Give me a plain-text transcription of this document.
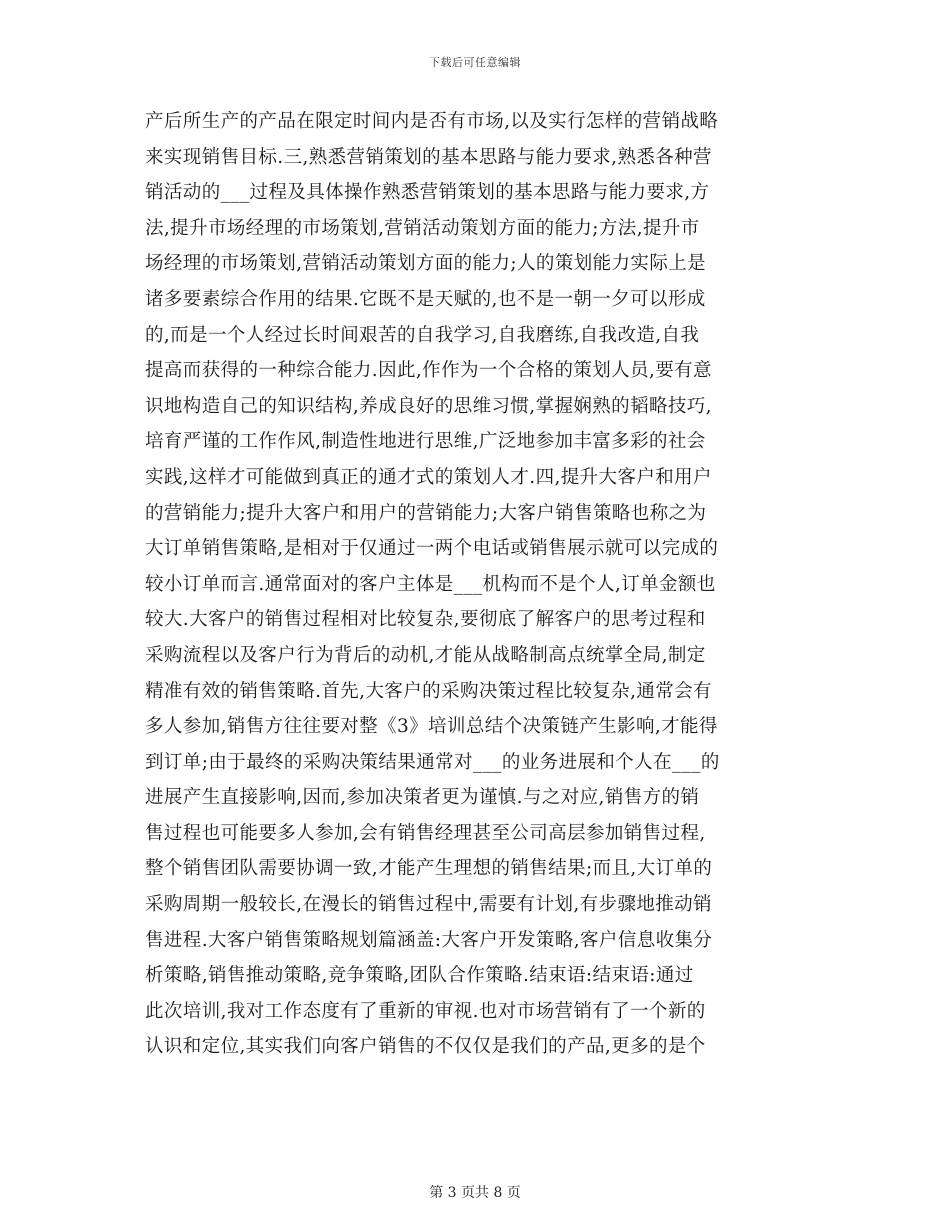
下载后可任意编辑
产后所生产的产品在限定时间内是否有市场,以及实行怎样的营销战略
来实现销售目标.三,熟悉营销策划的基本思路与能力要求,熟悉各种营
销活动的___过程及具体操作熟悉营销策划的基本思路与能力要求,方
法,提升市场经理的市场策划,营销活动策划方面的能力;方法,提升市
场经理的市场策划,营销活动策划方面的能力;人的策划能力实际上是
诸多要素综合作用的结果.它既不是天赋的,也不是一朝一夕可以形成
的,而是一个人经过长时间艰苦的自我学习,自我磨练,自我改造,自我
提高而获得的一种综合能力.因此,作作为一个合格的策划人员,要有意
识地构造自己的知识结构,养成良好的思维习惯,掌握娴熟的韬略技巧,
培育严谨的工作作风,制造性地进行思维,广泛地参加丰富多彩的社会
实践,这样才可能做到真正的通才式的策划人才.四,提升大客户和用户
的营销能力;提升大客户和用户的营销能力;大客户销售策略也称之为
大订单销售策略,是相对于仅通过一两个电话或销售展示就可以完成的
较小订单而言.通常面对的客户主体是___机构而不是个人,订单金额也
较大.大客户的销售过程相对比较复杂,要彻底了解客户的思考过程和
采购流程以及客户行为背后的动机,才能从战略制高点统掌全局,制定
精准有效的销售策略.首先,大客户的采购决策过程比较复杂,通常会有
多人参加,销售方往往要对整《3》培训总结个决策链产生影响,才能得
到订单;由于最终的采购决策结果通常对___的业务进展和个人在___的
进展产生直接影响,因而,参加决策者更为谨慎.与之对应,销售方的销
售过程也可能要多人参加,会有销售经理甚至公司高层参加销售过程,
整个销售团队需要协调一致,才能产生理想的销售结果;而且,大订单的
采购周期一般较长,在漫长的销售过程中,需要有计划,有步骤地推动销
售进程.大客户销售策略规划篇涵盖:大客户开发策略,客户信息收集分
析策略,销售推动策略,竞争策略,团队合作策略.结束语:结束语:通过
此次培训,我对工作态度有了重新的审视.也对市场营销有了一个新的
认识和定位,其实我们向客户销售的不仅仅是我们的产品,更多的是个
第 3 页共 8 页
